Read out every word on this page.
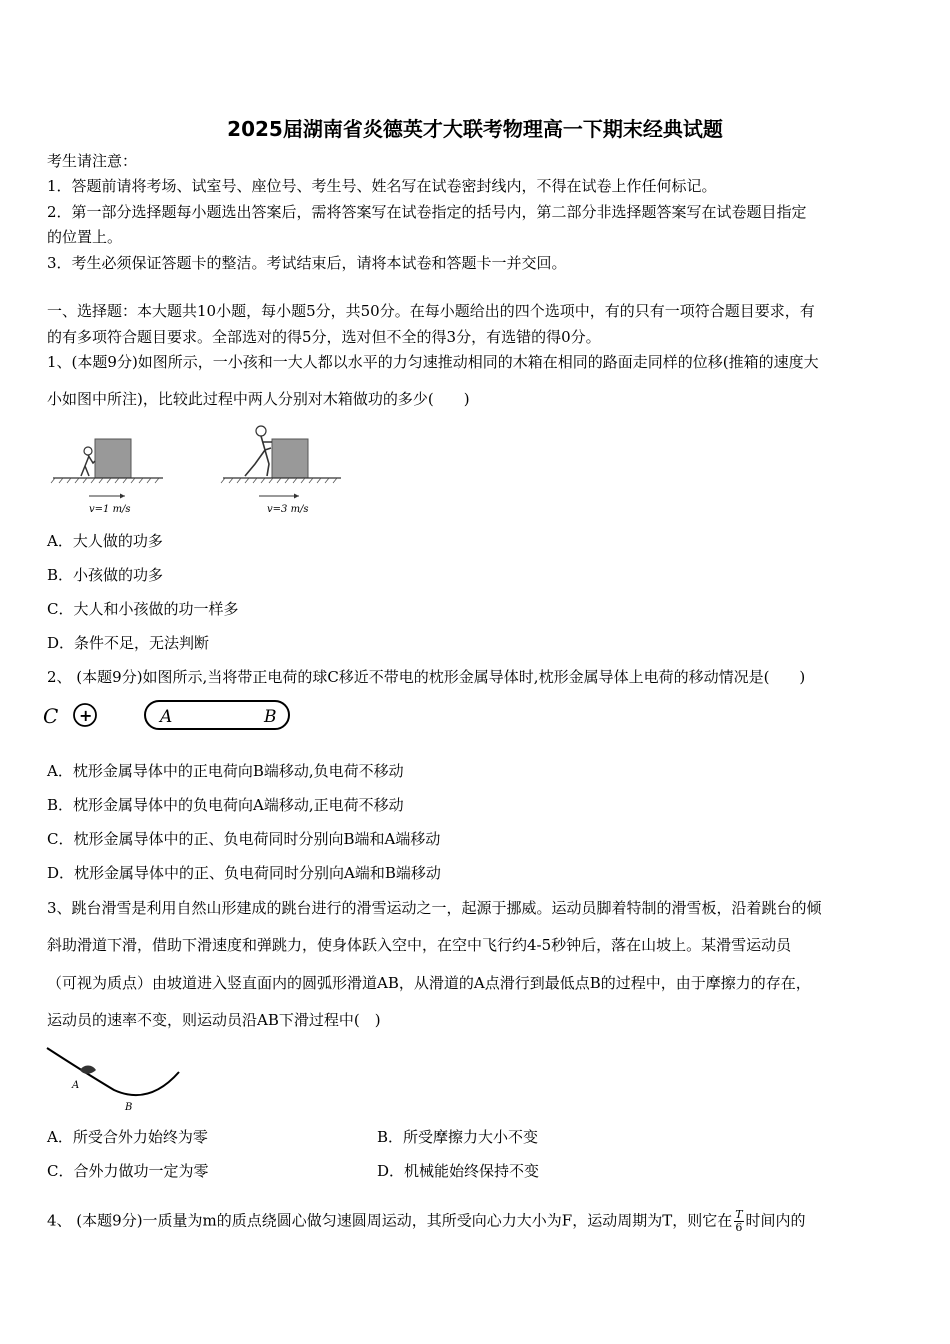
2025届湖南省炎德英才大联考物理高一下期末经典试题
考生请注意：
1．答题前请将考场、试室号、座位号、考生号、姓名写在试卷密封线内，不得在试卷上作任何标记。
2．第一部分选择题每小题选出答案后，需将答案写在试卷指定的括号内，第二部分非选择题答案写在试卷题目指定
的位置上。
3．考生必须保证答题卡的整洁。考试结束后，请将本试卷和答题卡一并交回。
一、选择题：本大题共10小题，每小题5分，共50分。在每小题给出的四个选项中，有的只有一项符合题目要求，有
的有多项符合题目要求。全部选对的得5分，选对但不全的得3分，有选错的得0分。
1、(本题9分)如图所示，一小孩和一大人都以水平的力匀速推动相同的木箱在相同的路面走同样的位移(推箱的速度大
小如图中所注)，比较此过程中两人分别对木箱做功的多少(　　)
v=1 m/s	v=3 m/s
A．大人做的功多
B．小孩做的功多
C．大人和小孩做的功一样多
D．条件不足，无法判断
2、 (本题9分)如图所示,当将带正电荷的球C移近不带电的枕形金属导体时,枕形金属导体上电荷的移动情况是(　　)
C +	A	B
A．枕形金属导体中的正电荷向B端移动,负电荷不移动
B．枕形金属导体中的负电荷向A端移动,正电荷不移动
C．枕形金属导体中的正、负电荷同时分别向B端和A端移动
D．枕形金属导体中的正、负电荷同时分别向A端和B端移动
3、跳台滑雪是利用自然山形建成的跳台进行的滑雪运动之一，起源于挪威。运动员脚着特制的滑雪板，沿着跳台的倾
斜助滑道下滑，借助下滑速度和弹跳力，使身体跃入空中，在空中飞行约4-5秒钟后，落在山坡上。某滑雪运动员
（可视为质点）由坡道进入竖直面内的圆弧形滑道AB，从滑道的A点滑行到最低点B的过程中，由于摩擦力的存在，
运动员的速率不变，则运动员沿AB下滑过程中(　)
A
B
A．所受合外力始终为零	B．所受摩擦力大小不变
C．合外力做功一定为零	D．机械能始终保持不变
4、 (本题9分)一质量为m的质点绕圆心做匀速圆周运动，其所受向心力大小为F，运动周期为T，则它在 $\frac{T}{6}$ 时间内的
